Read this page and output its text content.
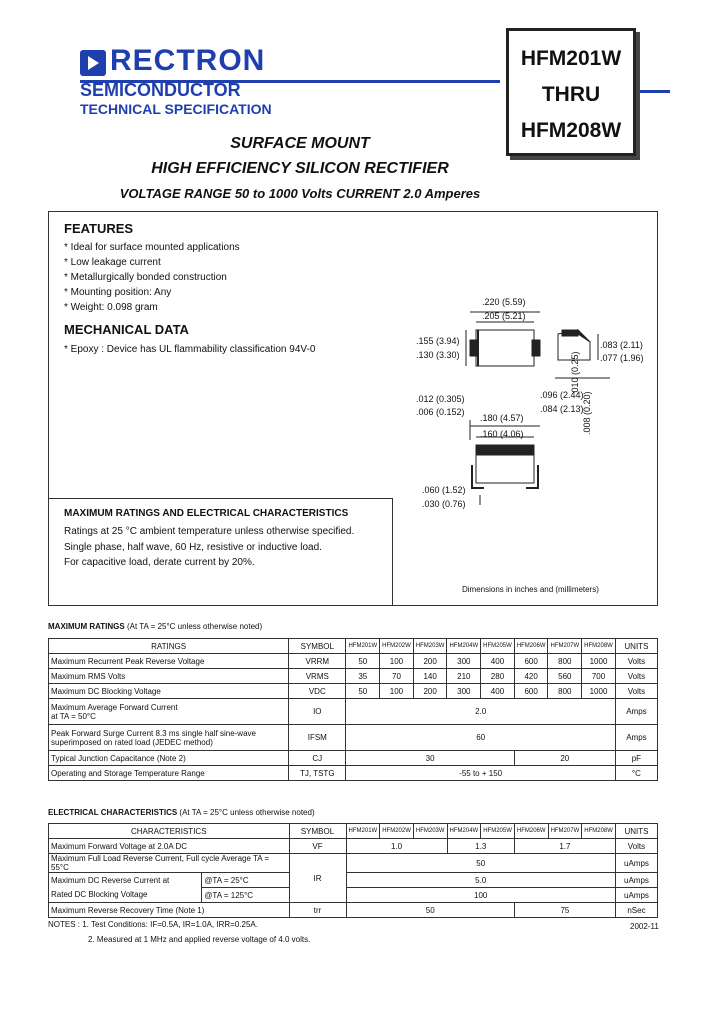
RECTRON
SEMICONDUCTOR
TECHNICAL SPECIFICATION
HFM201W
THRU
HFM208W
SURFACE MOUNT
HIGH EFFICIENCY SILICON RECTIFIER
VOLTAGE RANGE 50 to 1000 Volts CURRENT 2.0 Amperes
FEATURES
* Ideal for surface mounted applications
* Low leakage current
* Metallurgically bonded construction
* Mounting position: Any
* Weight: 0.098 gram
MECHANICAL DATA
* Epoxy : Device has UL flammability classification 94V-0
MAXIMUM RATINGS AND ELECTRICAL CHARACTERISTICS
Ratings at 25 °C ambient temperature unless otherwise specified.
Single phase, half wave, 60 Hz, resistive or inductive load.
For capacitive load, derate current by 20%.
.220 (5.59)
.205 (5.21)
.155 (3.94)
.130 (3.30)
.083 (2.11)
.077 (1.96)
.012 (0.305)
.006 (0.152)
.180 (4.57)
.160 (4.06)
.096 (2.44)
.084 (2.13)
.010 (0.25)
.008 (0.20)
.060 (1.52)
.030 (0.76)
Dimensions in inches and (millimeters)
MAXIMUM RATINGS (At TA = 25°C unless otherwise noted)
RATINGS	SYMBOL	HFM201W	HFM202W	HFM203W	HFM204W	HFM205W	HFM206W	HFM207W	HFM208W	UNITS
Maximum Recurrent Peak Reverse Voltage	VRRM	50	100	200	300	400	600	800	1000	Volts
Maximum RMS Volts	VRMS	35	70	140	210	280	420	560	700	Volts
Maximum DC Blocking Voltage	VDC	50	100	200	300	400	600	800	1000	Volts

Maximum Average Forward Current
at TA = 50°C	IO	2.0								Amps

Peak Forward Surge Current 8.3 ms single half sine-wave
superimposed on rated load (JEDEC method)	IFSM	60								Amps
Typical Junction Capacitance (Note 2)	CJ	30					20			pF
Operating and Storage Temperature Range	TJ, TSTG	-55 to + 150								°C
ELECTRICAL CHARACTERISTICS (At TA = 25°C unless otherwise noted)
CHARACTERISTICS		SYMBOL	HFM201W	HFM202W	HFM203W	HFM204W	HFM205W	HFM206W	HFM207W	HFM208W	UNITS
Maximum Forward Voltage at 2.0A DC		VF	1.0			1.3		1.7			Volts
Maximum Full Load Reverse Current, Full cycle Average TA = 55°C		IR	50								uAmps
Maximum DC Reverse Current at	@TA = 25°C		5.0								uAmps
Rated DC Blocking Voltage	@TA = 125°C		100								uAmps
Maximum Reverse Recovery Time (Note 1)		trr	50					75			nSec
NOTES : 1. Test Conditions: IF=0.5A, IR=1.0A, IRR=0.25A.
2. Measured at 1 MHz and applied reverse voltage of 4.0 volts.
2002-11
